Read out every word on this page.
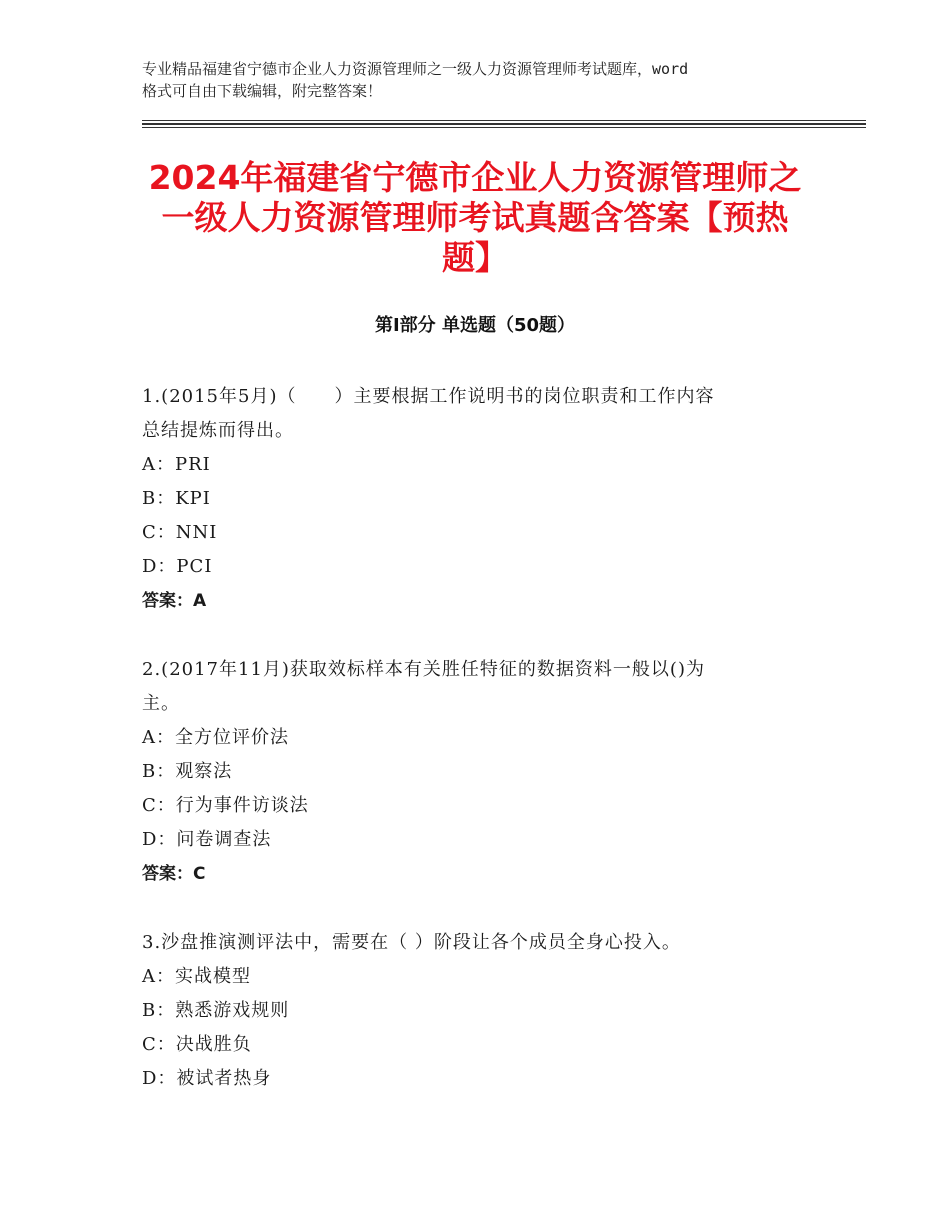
专业精品福建省宁德市企业人力资源管理师之一级人力资源管理师考试题库，word
格式可自由下载编辑，附完整答案！
2024年福建省宁德市企业人力资源管理师之
一级人力资源管理师考试真题含答案【预热
题】
第Ⅰ部分 单选题（50题）
1.(2015年5月)（　　）主要根据工作说明书的岗位职责和工作内容
总结提炼而得出。
A：PRI
B：KPI
C：NNI
D：PCI
答案：A
2.(2017年11月)获取效标样本有关胜任特征的数据资料一般以()为
主。
A：全方位评价法
B：观察法
C：行为事件访谈法
D：问卷调查法
答案：C
3.沙盘推演测评法中，需要在（ ）阶段让各个成员全身心投入。
A：实战模型
B：熟悉游戏规则
C：决战胜负
D：被试者热身
